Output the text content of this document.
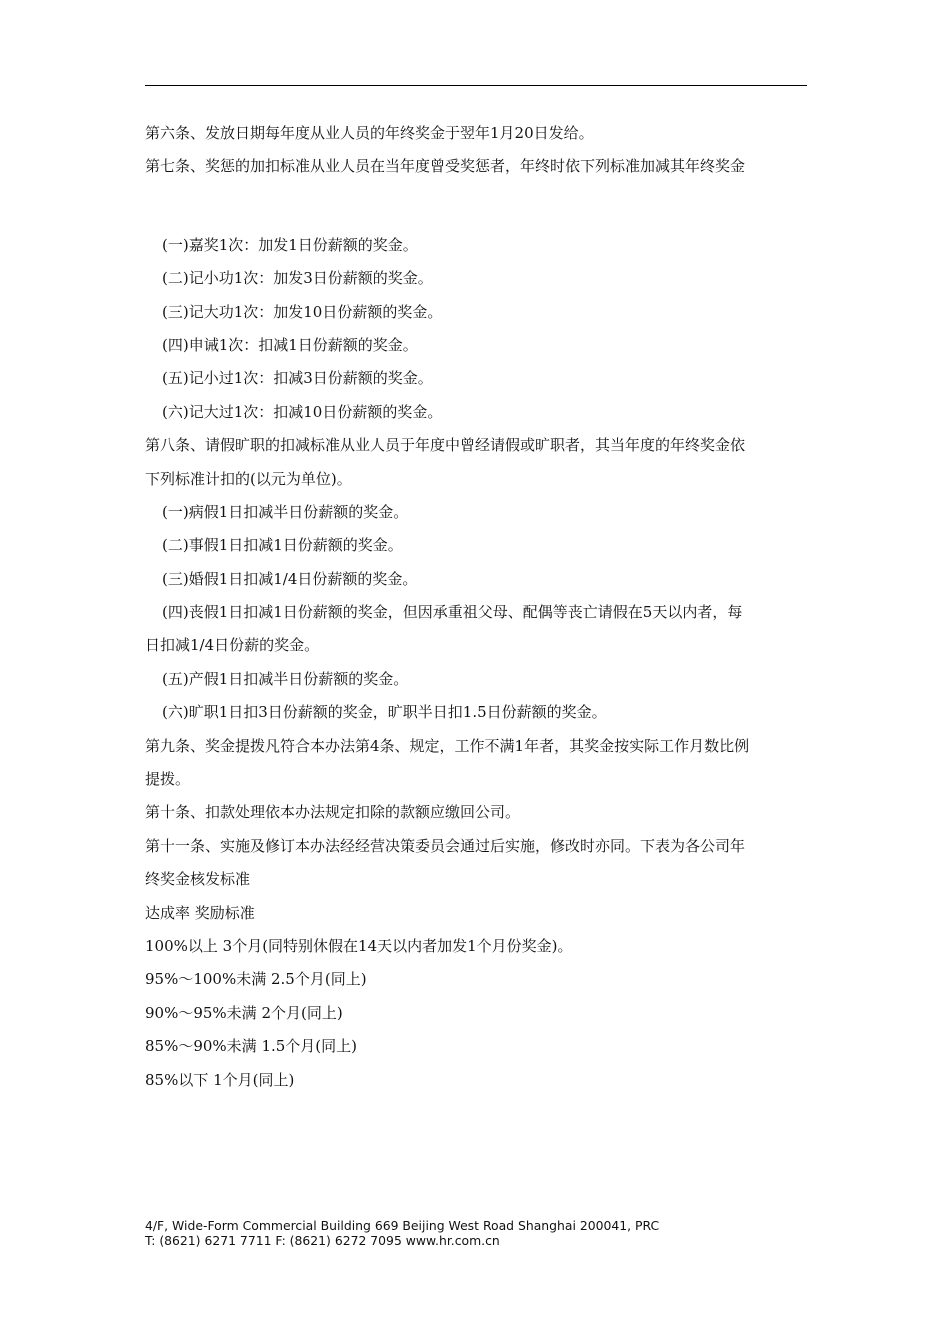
第六条、发放日期每年度从业人员的年终奖金于翌年1月20日发给。
第七条、奖惩的加扣标准从业人员在当年度曾受奖惩者，年终时依下列标准加减其年终奖金
(一)嘉奖1次：加发1日份薪额的奖金。
(二)记小功1次：加发3日份薪额的奖金。
(三)记大功1次：加发10日份薪额的奖金。
(四)申诫1次：扣减1日份薪额的奖金。
(五)记小过1次：扣减3日份薪额的奖金。
(六)记大过1次：扣减10日份薪额的奖金。
第八条、请假旷职的扣减标准从业人员于年度中曾经请假或旷职者，其当年度的年终奖金依
下列标准计扣的(以元为单位)。
(一)病假1日扣减半日份薪额的奖金。
(二)事假1日扣减1日份薪额的奖金。
(三)婚假1日扣减1/4日份薪额的奖金。
(四)丧假1日扣减1日份薪额的奖金，但因承重祖父母、配偶等丧亡请假在5天以内者，每
日扣减1/4日份薪的奖金。
(五)产假1日扣减半日份薪额的奖金。
(六)旷职1日扣3日份薪额的奖金，旷职半日扣1.5日份薪额的奖金。
第九条、奖金提拨凡符合本办法第4条、规定，工作不满1年者，其奖金按实际工作月数比例
提拨。
第十条、扣款处理依本办法规定扣除的款额应缴回公司。
第十一条、实施及修订本办法经经营决策委员会通过后实施，修改时亦同。下表为各公司年
终奖金核发标准
达成率 奖励标准
100%以上 3个月(同特别休假在14天以内者加发1个月份奖金)。
95%～100%未满 2.5个月(同上)
90%～95%未满 2个月(同上)
85%～90%未满 1.5个月(同上)
85%以下 1个月(同上)
4/F, Wide-Form Commercial Building 669 Beijing West Road Shanghai 200041, PRC
T: (8621) 6271 7711 F: (8621) 6272 7095 www.hr.com.cn
